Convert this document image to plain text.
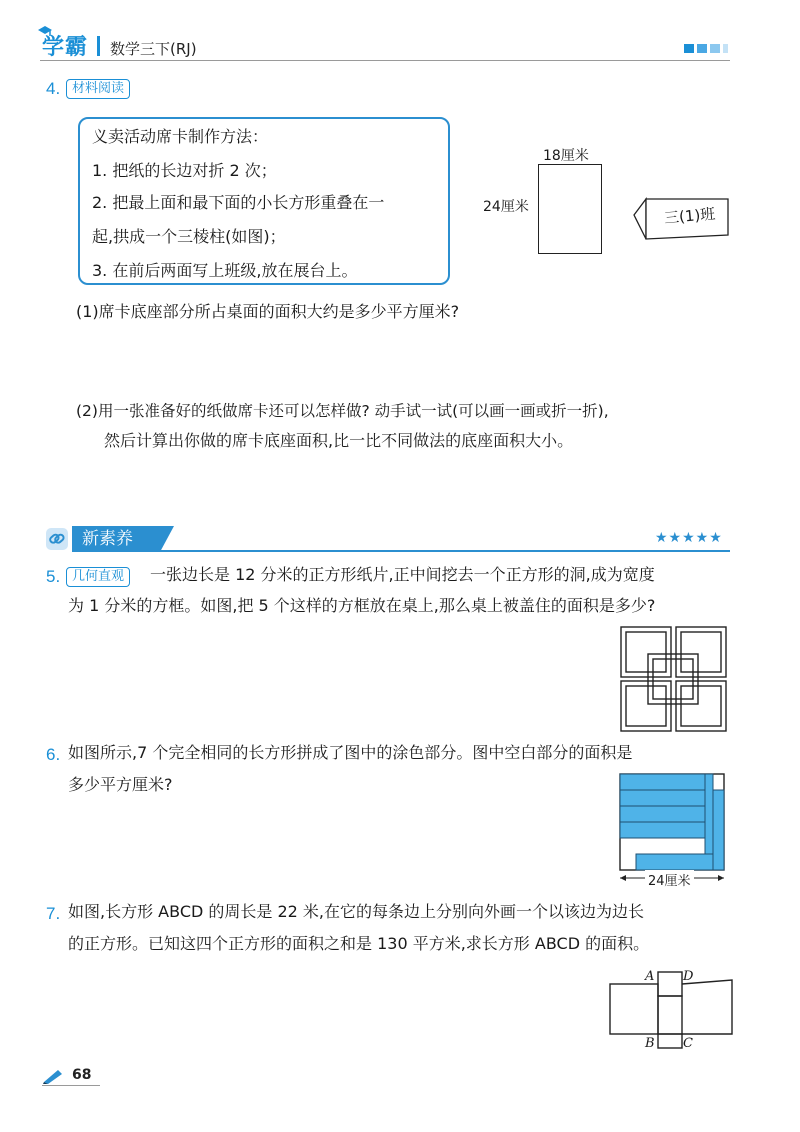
学霸 数学三下(RJ)
4. 材料阅读
义卖活动席卡制作方法：
1. 把纸的长边对折 2 次；
2. 把最上面和最下面的小长方形重叠在一
起,拱成一个三棱柱(如图)；
3. 在前后两面写上班级,放在展台上。
18厘米
24厘米	三(1)班
(1)席卡底座部分所占桌面的面积大约是多少平方厘米?
(2)用一张准备好的纸做席卡还可以怎样做? 动手试一试(可以画一画或折一折),
然后计算出你做的席卡底座面积,比一比不同做法的底座面积大小。
新素养	★★★★★
5. 几何直观	一张边长是 12 分米的正方形纸片,正中间挖去一个正方形的洞,成为宽度
为 1 分米的方框。如图,把 5 个这样的方框放在桌上,那么桌上被盖住的面积是多少?
6. 如图所示,7 个完全相同的长方形拼成了图中的涂色部分。图中空白部分的面积是
多少平方厘米?
24厘米
7. 如图,长方形 ABCD 的周长是 22 米,在它的每条边上分别向外画一个以该边为边长
的正方形。已知这四个正方形的面积之和是 130 平方米,求长方形 ABCD 的面积。
A D
B C
68
